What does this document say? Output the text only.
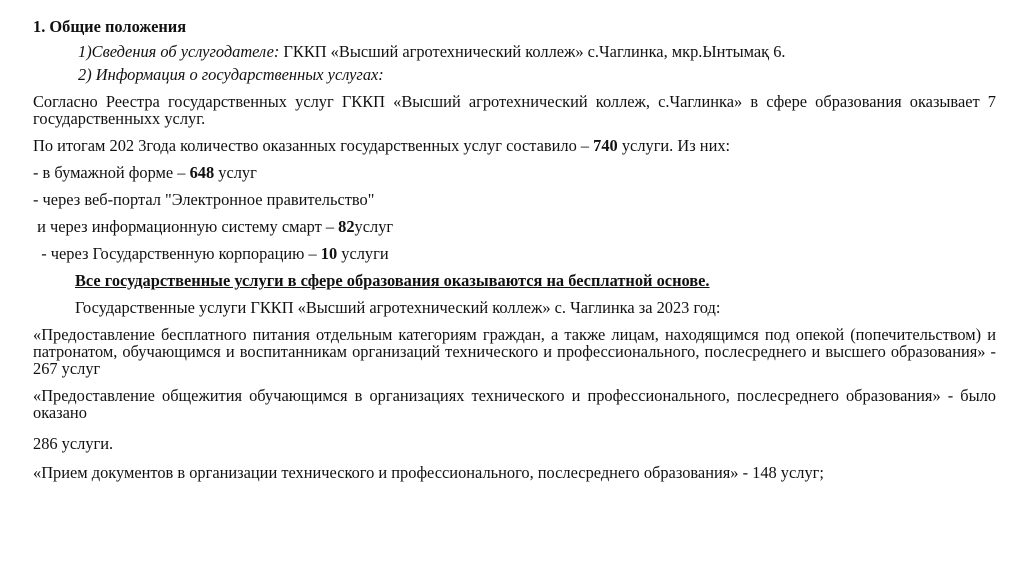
1. Общие положения

1)Сведения об услугодателе: ГККП «Высший агротехнический коллеж» с.Чаглинка, мкр.Ынтымақ 6.

2) Информация о государственных услугах:

Согласно Реестра государственных услуг ГККП «Высший агротехнический коллеж, с.Чаглинка» в сфере образования оказывает 7 государственныхх услуг.

По итогам 202 3года количество оказанных государственных услуг составило – 740 услуги. Из них:

- в бумажной форме – 648 услуг

- через веб-портал "Электронное правительство"

и через информационную систему смарт – 82услуг

- через Государственную корпорацию – 10 услуги

Все государственные услуги в сфере образования оказываются на бесплатной основе.

Государственные услуги ГККП «Высший агротехнический коллеж» с. Чаглинка за 2023 год:

«Предоставление бесплатного питания отдельным категориям граждан, а также лицам, находящимся под опекой (попечительством) и патронатом, обучающимся и воспитанникам организаций технического и профессионального, послесреднего и высшего образования» - 267 услуг

«Предоставление общежития обучающимся в организациях технического и профессионального, послесреднего образования» - было оказано

286 услуги.

«Прием документов в организации технического и профессионального, послесреднего образования» - 148 услуг;
